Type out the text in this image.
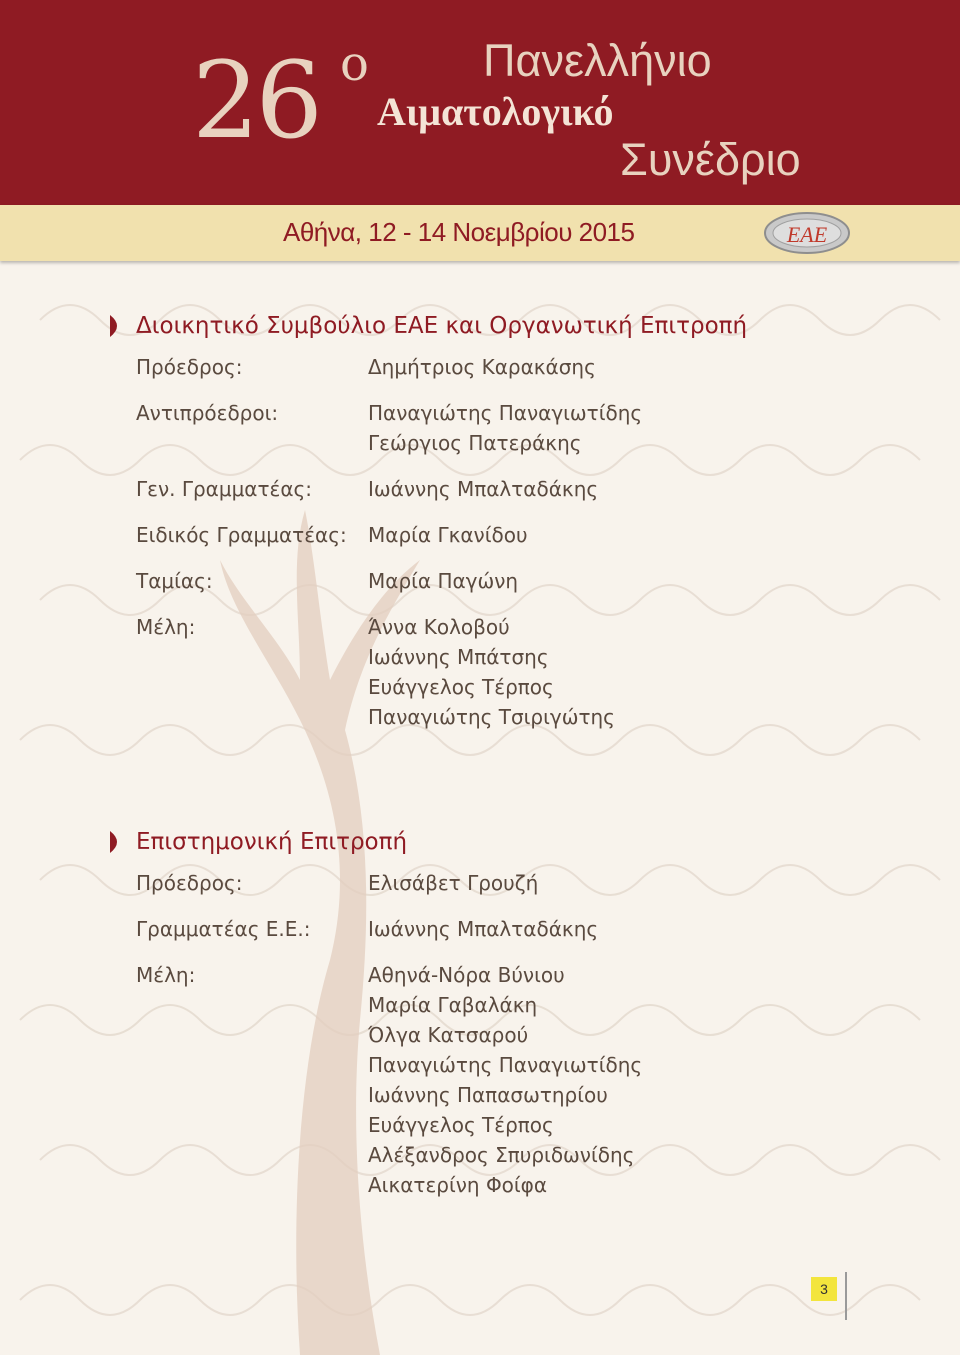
26 ο	Πανελλήνιο
Αιματολογικό
Συνέδριο
Αθήνα, 12 - 14 Νοεμβρίου 2015	ΕΑΕ
Διοικητικό Συμβούλιο ΕΑΕ και Οργανωτική Επιτροπή
Πρόεδρος:	Δημήτριος Καρακάσης
Αντιπρόεδροι:	Παναγιώτης Παναγιωτίδης
Γεώργιος Πατεράκης
Γεν. Γραμματέας:	Ιωάννης Μπαλταδάκης
Ειδικός Γραμματέας:	Μαρία Γκανίδου
Ταμίας:	Μαρία Παγώνη
Μέλη:	Άννα Κολοβού
Ιωάννης Μπάτσης
Ευάγγελος Τέρπος
Παναγιώτης Τσιριγώτης
Επιστημονική Επιτροπή
Πρόεδρος:	Ελισάβετ Γρουζή
Γραμματέας Ε.Ε.:	Ιωάννης Μπαλταδάκης
Μέλη:	Αθηνά-Νόρα Βύνιου
Μαρία Γαβαλάκη
Όλγα Κατσαρού
Παναγιώτης Παναγιωτίδης
Ιωάννης Παπασωτηρίου
Ευάγγελος Τέρπος
Αλέξανδρος Σπυριδωνίδης
Αικατερίνη Φοίφα
3
